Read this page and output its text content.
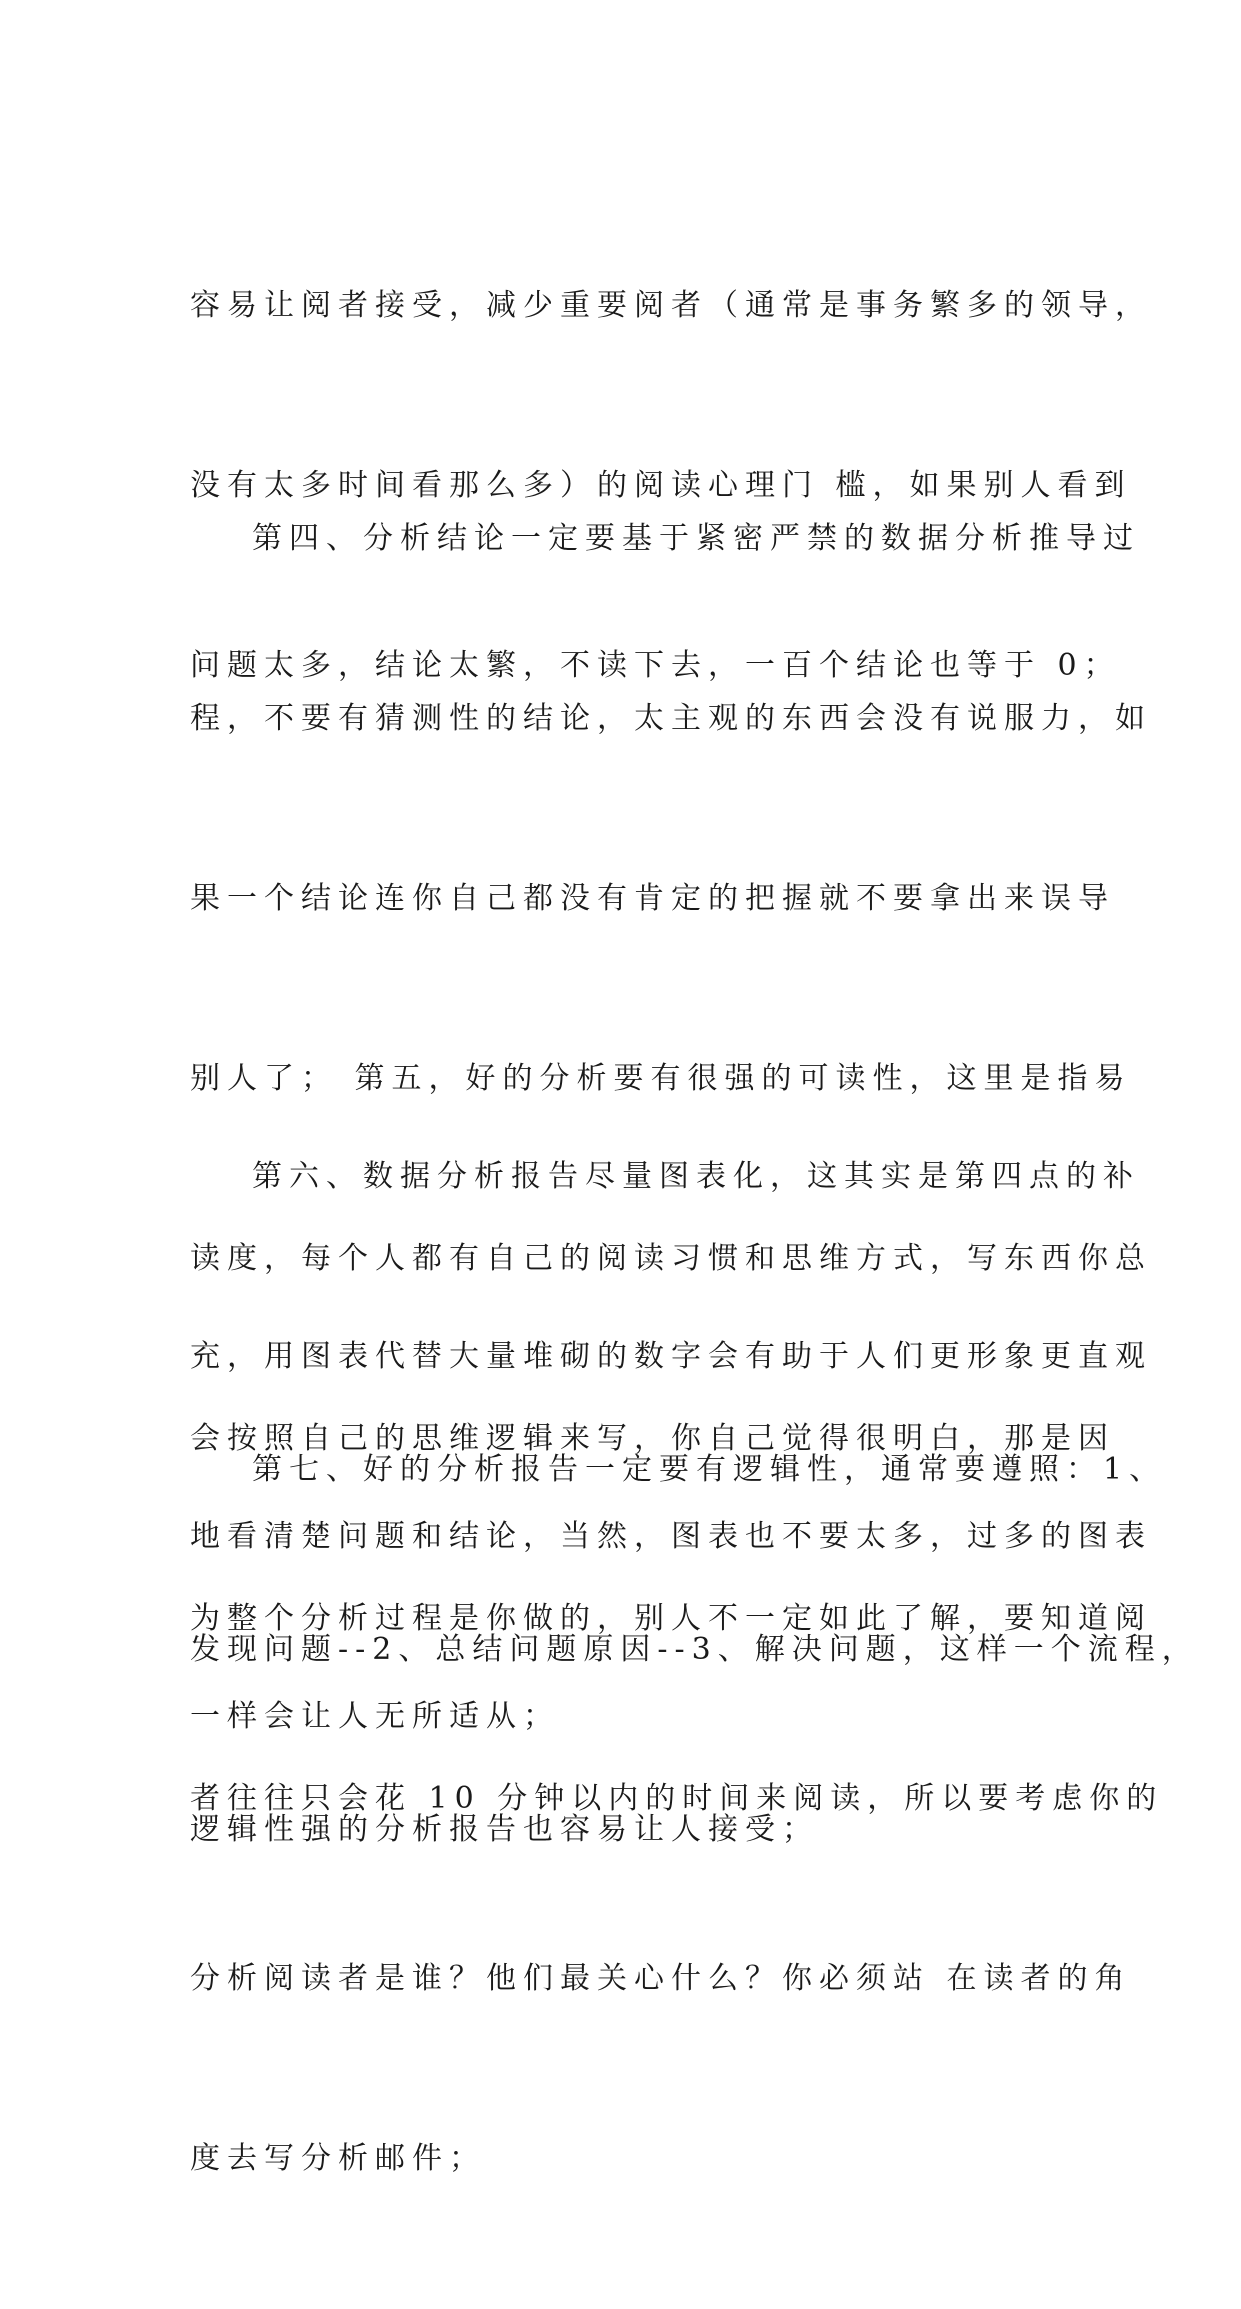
容易让阅者接受，减少重要阅者（通常是事务繁多的领导，

没有太多时间看那么多）的阅读心理门 槛，如果别人看到

问题太多，结论太繁，不读下去，一百个结论也等于 0；

第四、分析结论一定要基于紧密严禁的数据分析推导过

程，不要有猜测性的结论，太主观的东西会没有说服力，如

果一个结论连你自己都没有肯定的把握就不要拿出来误导

别人了； 第五，好的分析要有很强的可读性，这里是指易

读度，每个人都有自己的阅读习惯和思维方式，写东西你总

会按照自己的思维逻辑来写，你自己觉得很明白，那是因

为整个分析过程是你做的，别人不一定如此了解，要知道阅

者往往只会花 10 分钟以内的时间来阅读，所以要考虑你的

分析阅读者是谁？他们最关心什么？你必须站 在读者的角

度去写分析邮件；

第六、数据分析报告尽量图表化，这其实是第四点的补

充，用图表代替大量堆砌的数字会有助于人们更形象更直观

地看清楚问题和结论，当然，图表也不要太多，过多的图表

一样会让人无所适从；

第七、好的分析报告一定要有逻辑性，通常要遵照：1、

发现问题--2、总结问题原因--3、解决问题，这样一个流程，

逻辑性强的分析报告也容易让人接受；
